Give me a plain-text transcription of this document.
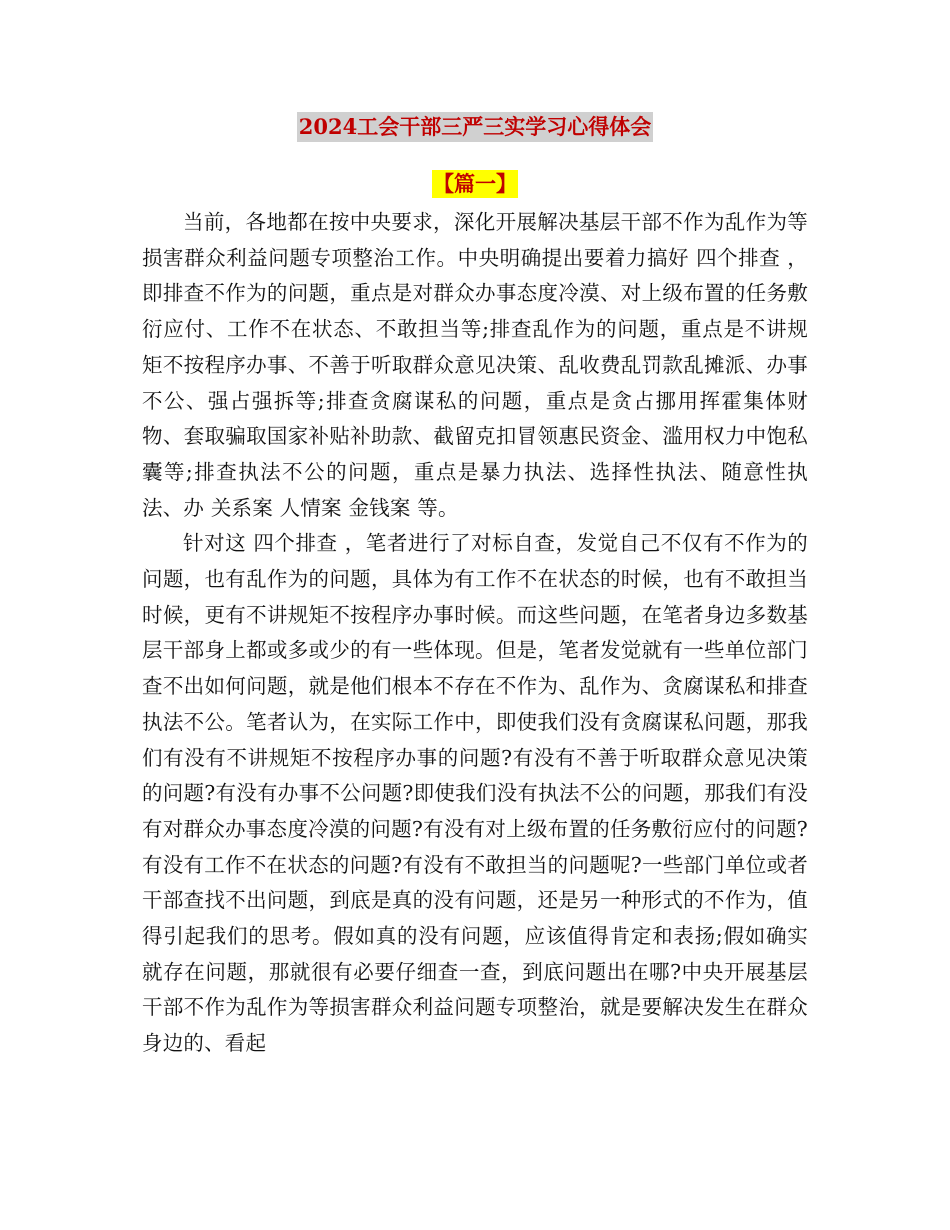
2024工会干部三严三实学习心得体会
【篇一】

当前，各地都在按中央要求，深化开展解决基层干部不作为乱作为等损害群众利益问题专项整治工作。中央明确提出要着力搞好 四个排查 ，即排查不作为的问题，重点是对群众办事态度冷漠、对上级布置的任务敷衍应付、工作不在状态、不敢担当等;排查乱作为的问题，重点是不讲规矩不按程序办事、不善于听取群众意见决策、乱收费乱罚款乱摊派、办事不公、强占强拆等;排查贪腐谋私的问题，重点是贪占挪用挥霍集体财物、套取骗取国家补贴补助款、截留克扣冒领惠民资金、滥用权力中饱私囊等;排查执法不公的问题，重点是暴力执法、选择性执法、随意性执法、办 关系案 人情案 金钱案 等。

针对这 四个排查 ，笔者进行了对标自查，发觉自己不仅有不作为的问题，也有乱作为的问题，具体为有工作不在状态的时候，也有不敢担当时候，更有不讲规矩不按程序办事时候。而这些问题，在笔者身边多数基层干部身上都或多或少的有一些体现。但是，笔者发觉就有一些单位部门查不出如何问题，就是他们根本不存在不作为、乱作为、贪腐谋私和排查执法不公。笔者认为，在实际工作中，即使我们没有贪腐谋私问题，那我们有没有不讲规矩不按程序办事的问题?有没有不善于听取群众意见决策的问题?有没有办事不公问题?即使我们没有执法不公的问题，那我们有没有对群众办事态度冷漠的问题?有没有对上级布置的任务敷衍应付的问题?有没有工作不在状态的问题?有没有不敢担当的问题呢?一些部门单位或者干部查找不出问题，到底是真的没有问题，还是另一种形式的不作为，值得引起我们的思考。假如真的没有问题，应该值得肯定和表扬;假如确实就存在问题，那就很有必要仔细查一查，到底问题出在哪?中央开展基层干部不作为乱作为等损害群众利益问题专项整治，就是要解决发生在群众身边的、看起
